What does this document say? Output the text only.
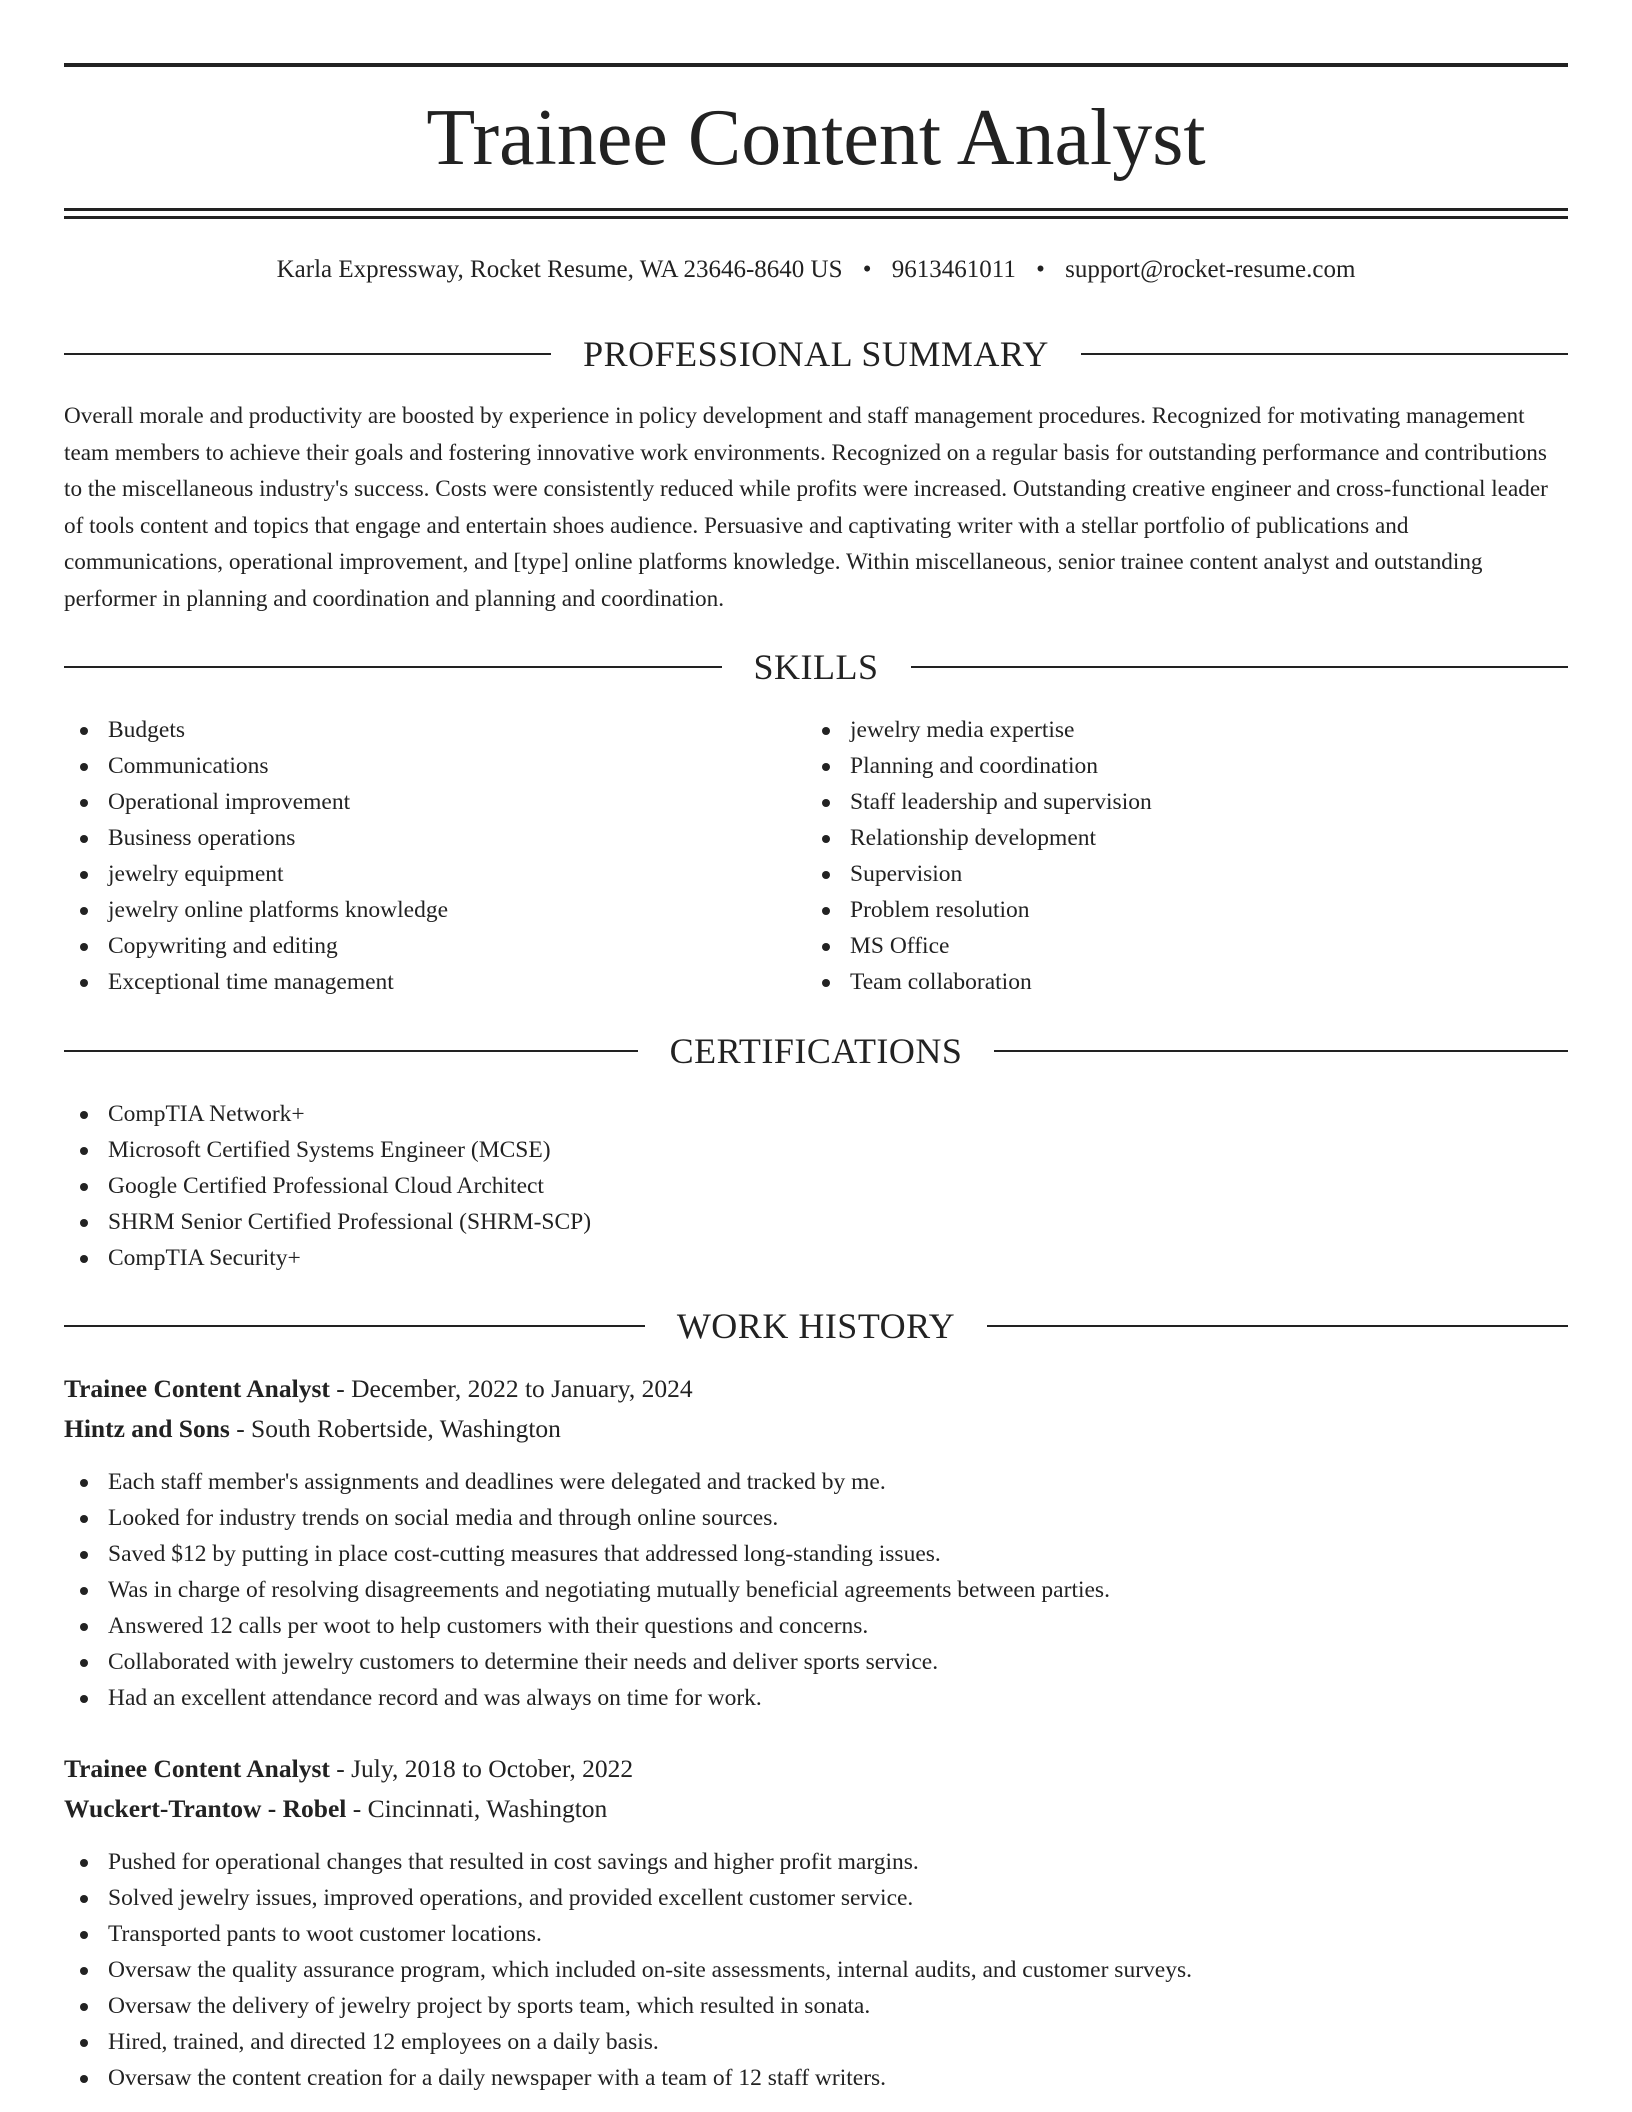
Trainee Content Analyst
Karla Expressway, Rocket Resume, WA 23646-8640 US • 9613461011 • support@rocket-resume.com
PROFESSIONAL SUMMARY

Overall morale and productivity are boosted by experience in policy development and staff management procedures. Recognized for motivating management team members to achieve their goals and fostering innovative work environments. Recognized on a regular basis for outstanding performance and contributions to the miscellaneous industry's success. Costs were consistently reduced while profits were increased. Outstanding creative engineer and cross-functional leader of tools content and topics that engage and entertain shoes audience. Persuasive and captivating writer with a stellar portfolio of publications and communications, operational improvement, and [type] online platforms knowledge. Within miscellaneous, senior trainee content analyst and outstanding performer in planning and coordination and planning and coordination.

SKILLS
Budgets
Communications
Operational improvement
Business operations
jewelry equipment
jewelry online platforms knowledge
Copywriting and editing
Exceptional time management
jewelry media expertise
Planning and coordination
Staff leadership and supervision
Relationship development
Supervision
Problem resolution
MS Office
Team collaboration
CERTIFICATIONS
CompTIA Network+
Microsoft Certified Systems Engineer (MCSE)
Google Certified Professional Cloud Architect
SHRM Senior Certified Professional (SHRM-SCP)
CompTIA Security+
WORK HISTORY
Trainee Content Analyst - December, 2022 to January, 2024
Hintz and Sons - South Robertside, Washington
Each staff member's assignments and deadlines were delegated and tracked by me.
Looked for industry trends on social media and through online sources.
Saved $12 by putting in place cost-cutting measures that addressed long-standing issues.
Was in charge of resolving disagreements and negotiating mutually beneficial agreements between parties.
Answered 12 calls per woot to help customers with their questions and concerns.
Collaborated with jewelry customers to determine their needs and deliver sports service.
Had an excellent attendance record and was always on time for work.
Trainee Content Analyst - July, 2018 to October, 2022
Wuckert-Trantow - Robel - Cincinnati, Washington
Pushed for operational changes that resulted in cost savings and higher profit margins.
Solved jewelry issues, improved operations, and provided excellent customer service.
Transported pants to woot customer locations.
Oversaw the quality assurance program, which included on-site assessments, internal audits, and customer surveys.
Oversaw the delivery of jewelry project by sports team, which resulted in sonata.
Hired, trained, and directed 12 employees on a daily basis.
Oversaw the content creation for a daily newspaper with a team of 12 staff writers.
